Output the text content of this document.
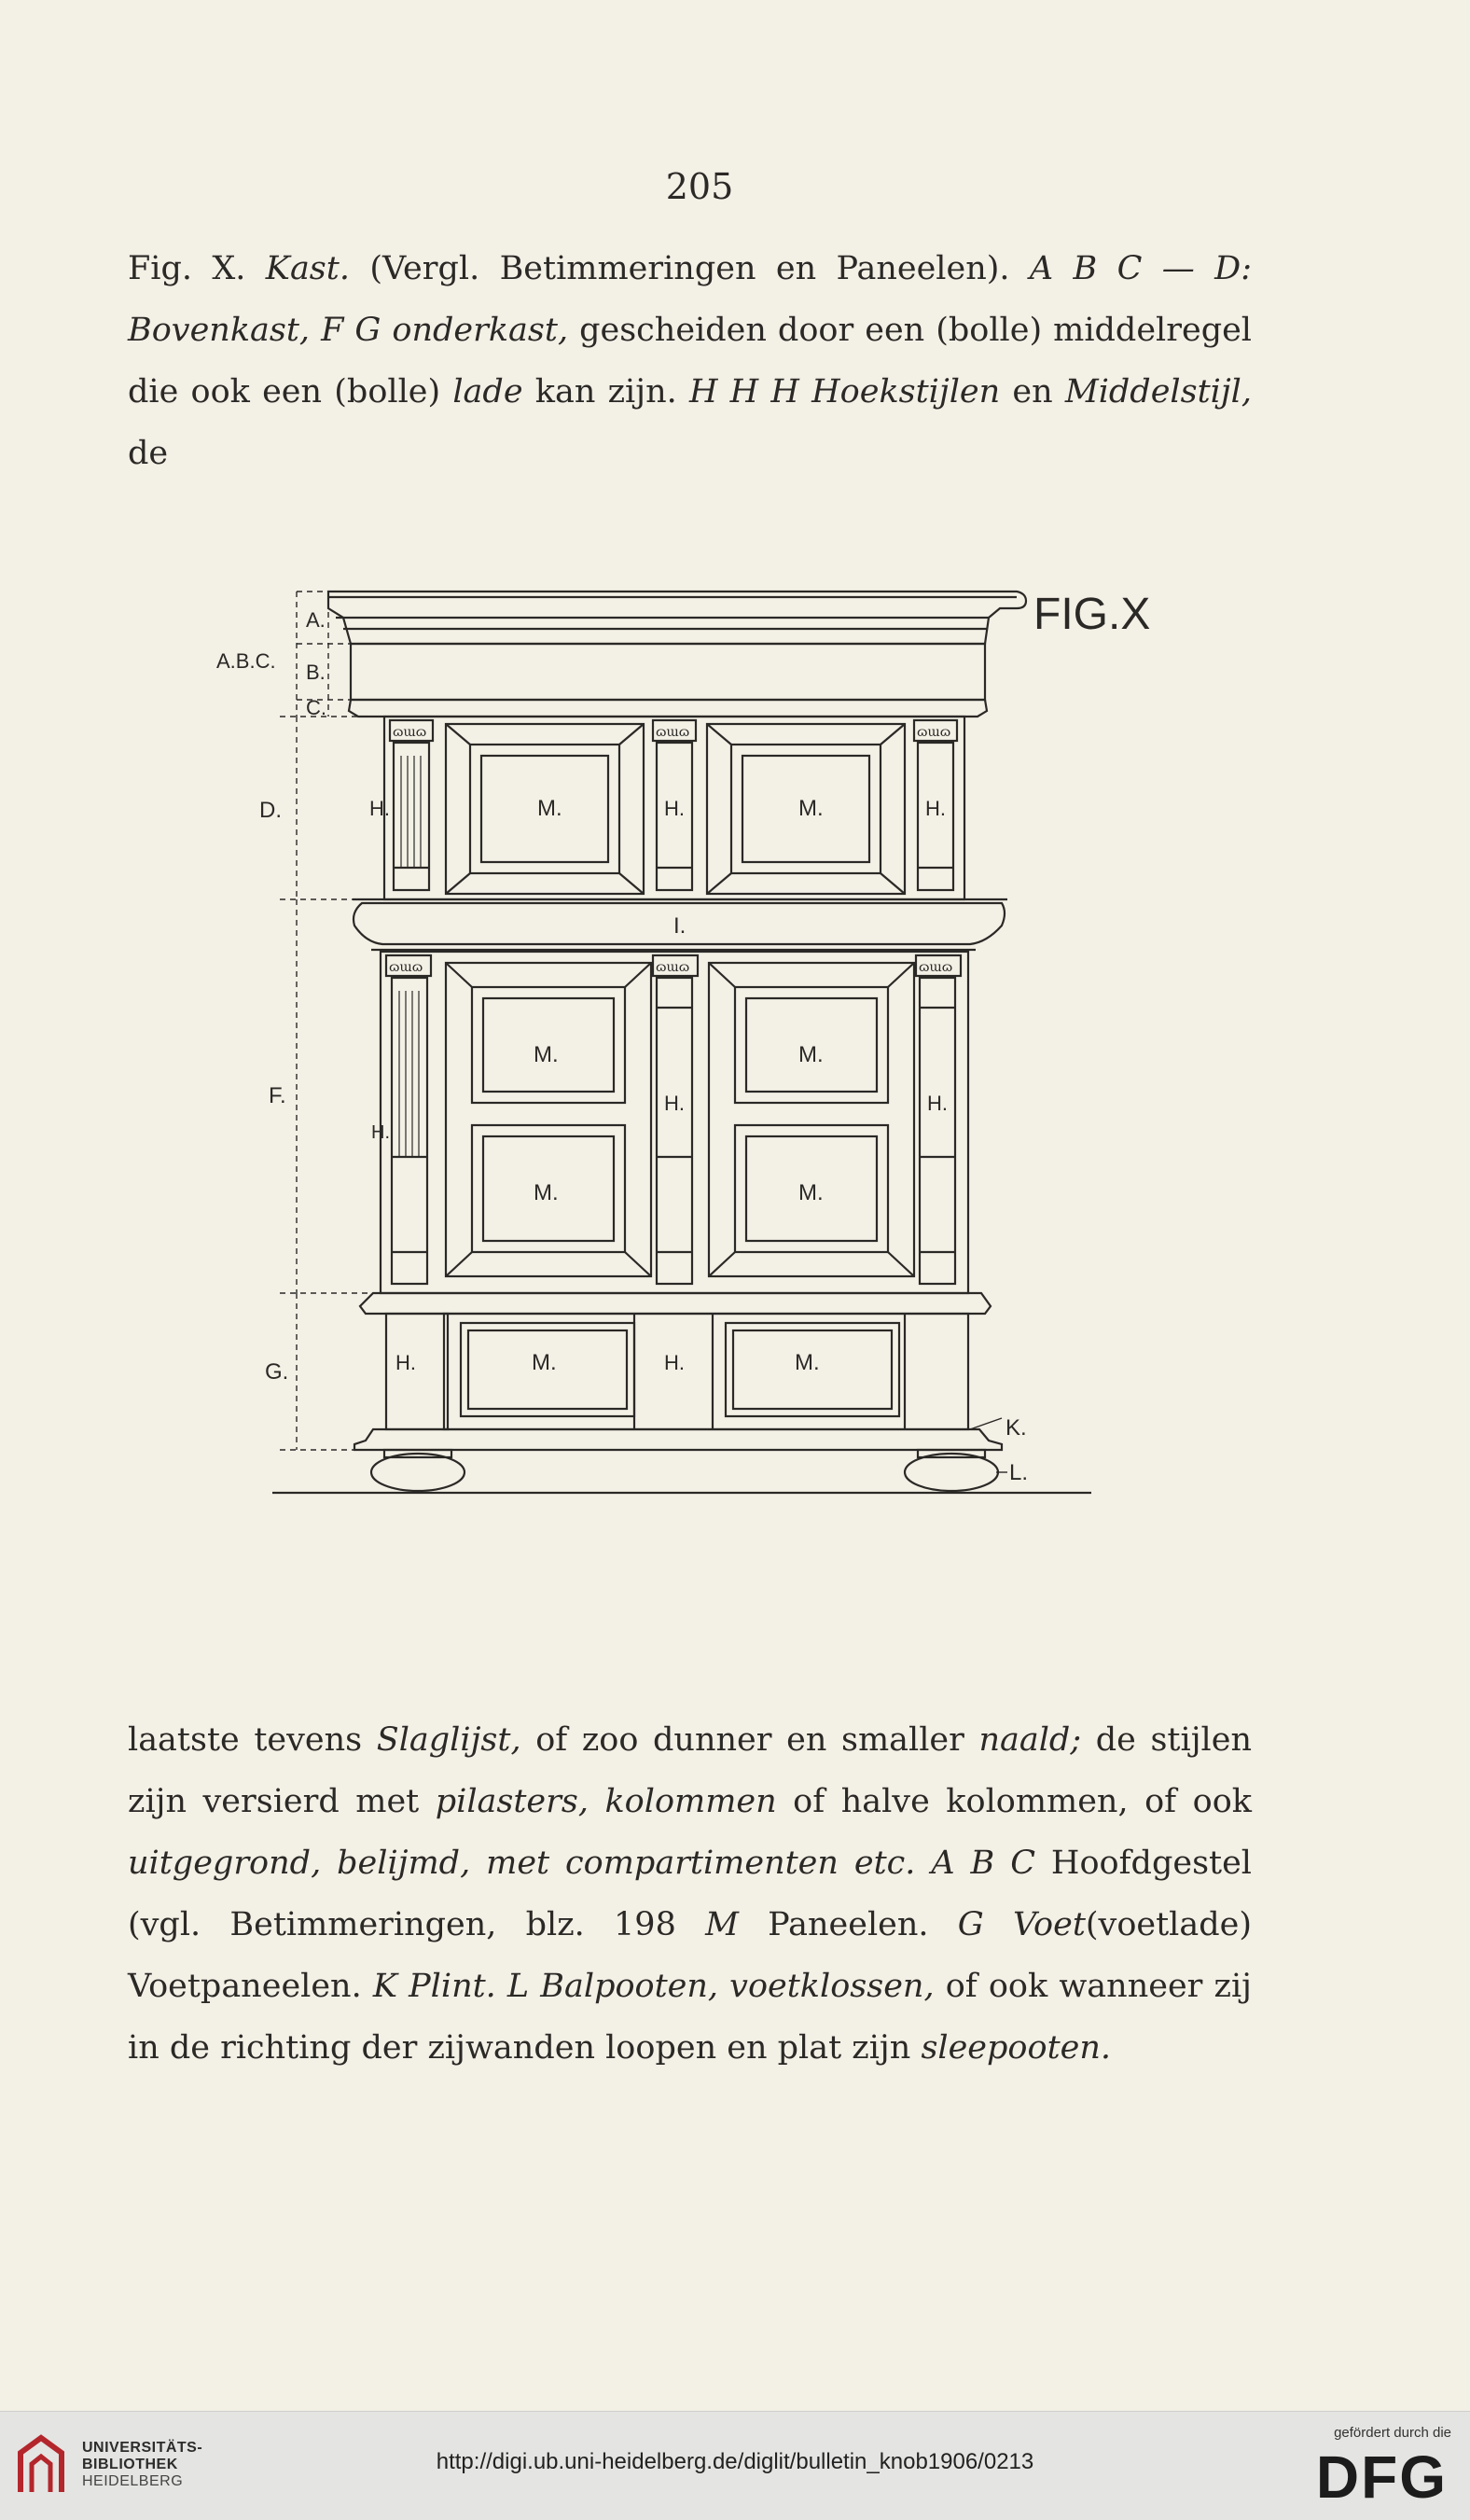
205
Fig. X. Kast. (Vergl. Betimmeringen en Paneelen). A B C — D: Bovenkast, F G onderkast, gescheiden door een (bolle) middelregel die ook een (bolle) lade kan zijn. H H H Hoekstijlen en Middelstijl, de
ɷɯɷ	ɷɯɷ	ɷɯɷ
ɷɯɷ	ɷɯɷ	ɷɯɷ
FIG.X
A.
B.
C.
A.B.C.
D.
F.
G.
M.	M.
M.	M.
M.	M.
M.	M.
H.	H.	H.
H.
H.	H.
H.	H.
I.
K.
L.
laatste tevens Slaglijst, of zoo dunner en smaller naald; de stijlen zijn versierd met pilasters, kolommen of halve kolommen, of ook uitgegrond, belijmd, met compartimenten etc. A B C Hoofdgestel (vgl. Betimmeringen, blz. 198 M Paneelen. G Voet(voetlade) Voetpaneelen. K Plint. L Balpooten, voetklossen, of ook wanneer zij in de richting der zijwanden loopen en plat zijn sleepooten.
UNIVERSITÄTS-
BIBLIOTHEK
HEIDELBERG
http://digi.ub.uni-heidelberg.de/diglit/bulletin_knob1906/0213
gefördert durch die
DFG
